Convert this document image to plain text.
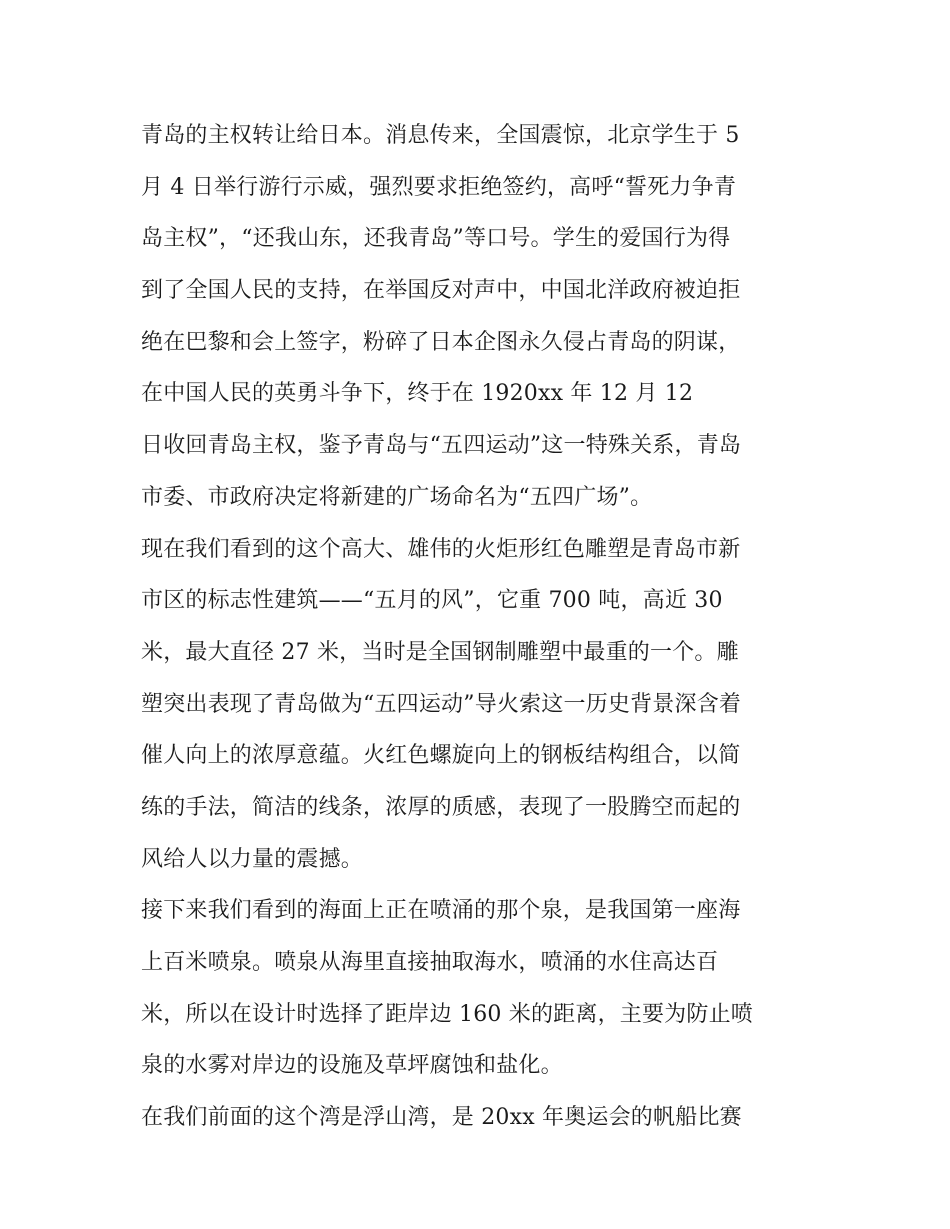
青岛的主权转让给日本。消息传来，全国震惊，北京学生于 5
月 4 日举行游行示威，强烈要求拒绝签约，高呼“誓死力争青
岛主权”，“还我山东，还我青岛”等口号。学生的爱国行为得
到了全国人民的支持，在举国反对声中，中国北洋政府被迫拒
绝在巴黎和会上签字，粉碎了日本企图永久侵占青岛的阴谋，
在中国人民的英勇斗争下，终于在 1920xx 年 12 月 12
日收回青岛主权，鉴予青岛与“五四运动”这一特殊关系，青岛
市委、市政府决定将新建的广场命名为“五四广场”。
现在我们看到的这个高大、雄伟的火炬形红色雕塑是青岛市新
市区的标志性建筑——“五月的风”，它重 700 吨，高近 30
米，最大直径 27 米，当时是全国钢制雕塑中最重的一个。雕
塑突出表现了青岛做为“五四运动”导火索这一历史背景深含着
催人向上的浓厚意蕴。火红色螺旋向上的钢板结构组合，以简
练的手法，简洁的线条，浓厚的质感，表现了一股腾空而起的
风给人以力量的震撼。
接下来我们看到的海面上正在喷涌的那个泉，是我国第一座海
上百米喷泉。喷泉从海里直接抽取海水，喷涌的水住高达百
米，所以在设计时选择了距岸边 160 米的距离，主要为防止喷
泉的水雾对岸边的设施及草坪腐蚀和盐化。
在我们前面的这个湾是浮山湾，是 20xx 年奥运会的帆船比赛
